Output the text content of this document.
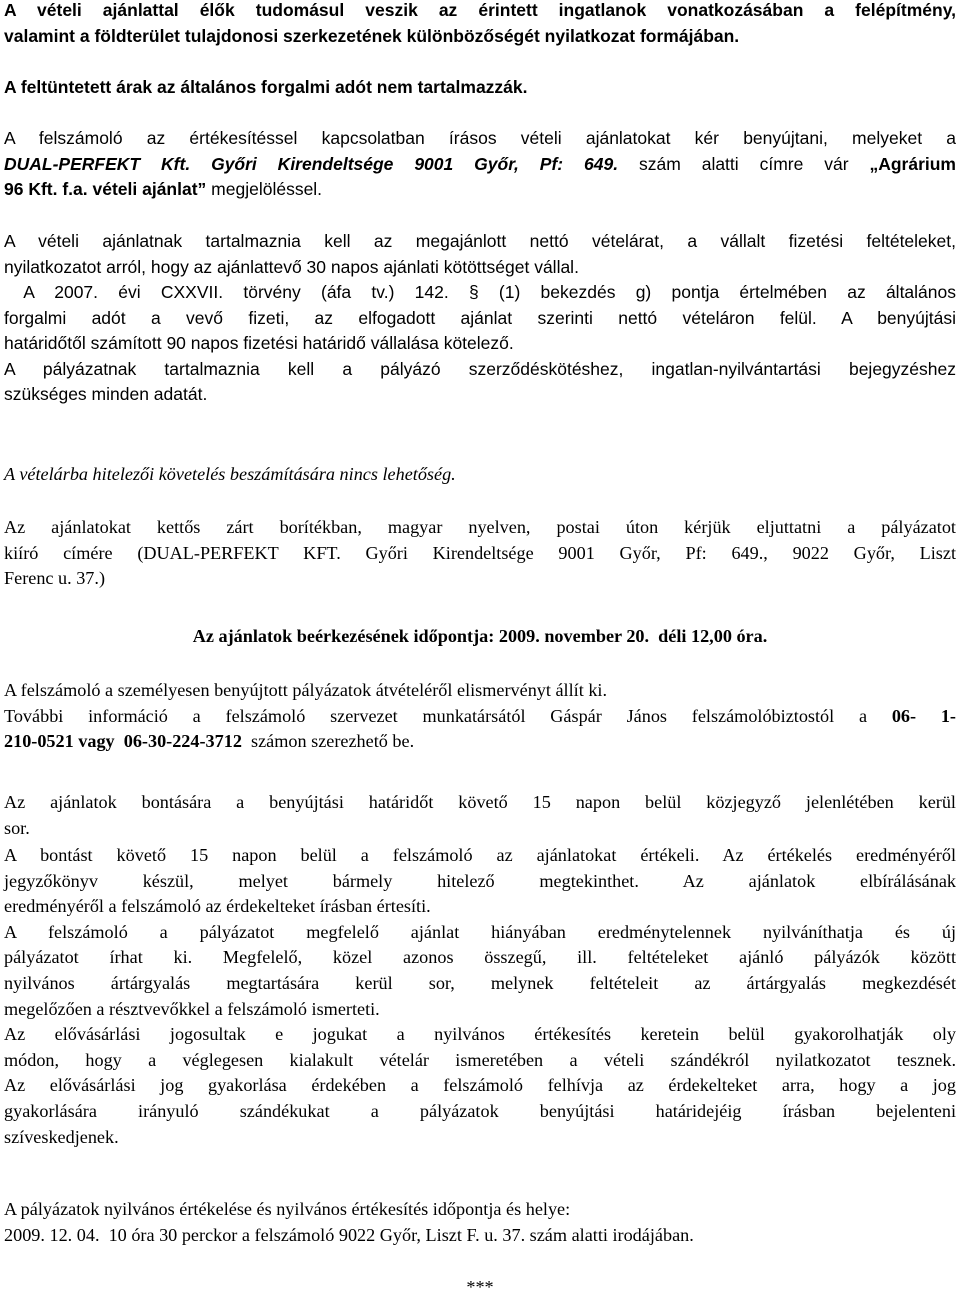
A vételi ajánlattal élők tudomásul veszik az érintett ingatlanok vonatkozásában a felépítmény,
valamint a földterület tulajdonosi szerkezetének különbözőségét nyilatkozat formájában.
A feltüntetett árak az általános forgalmi adót nem tartalmazzák.
A felszámoló az értékesítéssel kapcsolatban írásos vételi ajánlatokat kér benyújtani, melyeket a
DUAL-PERFEKT Kft. Győri Kirendeltsége 9001 Győr, Pf: 649. szám alatti címre vár „Agrárium
96 Kft. f.a. vételi ajánlat” megjelöléssel.
A vételi ajánlatnak tartalmaznia kell az megajánlott nettó vételárat, a vállalt fizetési feltételeket,
nyilatkozatot arról, hogy az ajánlattevő 30 napos ajánlati kötöttséget vállal.
A 2007. évi CXXVII. törvény (áfa tv.) 142. § (1) bekezdés g) pontja értelmében az általános
forgalmi adót a vevő fizeti, az elfogadott ajánlat szerinti nettó vételáron felül. A benyújtási
határidőtől számított 90 napos fizetési határidő vállalása kötelező.
A pályázatnak tartalmaznia kell a pályázó szerződéskötéshez, ingatlan-nyilvántartási bejegyzéshez
szükséges minden adatát.
A vételárba hitelezői követelés beszámítására nincs lehetőség.
Az ajánlatokat kettős zárt borítékban, magyar nyelven, postai úton kérjük eljuttatni a pályázatot
kiíró címére (DUAL-PERFEKT KFT. Győri Kirendeltsége 9001 Győr, Pf: 649., 9022 Győr, Liszt
Ferenc u. 37.)
Az ajánlatok beérkezésének időpontja: 2009. november 20.  déli 12,00 óra.
A felszámoló a személyesen benyújtott pályázatok átvételéről elismervényt állít ki.
További információ a felszámoló szervezet munkatársától Gáspár János felszámolóbiztostól a 06- 1-
210-0521 vagy  06-30-224-3712  számon szerezhető be.
Az ajánlatok bontására a benyújtási határidőt követő 15 napon belül közjegyző jelenlétében kerül
sor.
A bontást követő 15 napon belül a felszámoló az ajánlatokat értékeli. Az értékelés eredményéről
jegyzőkönyv készül, melyet bármely hitelező megtekinthet. Az ajánlatok elbírálásának
eredményéről a felszámoló az érdekelteket írásban értesíti.
A felszámoló a pályázatot megfelelő ajánlat hiányában eredménytelennek nyilváníthatja és új
pályázatot írhat ki. Megfelelő, közel azonos összegű, ill. feltételeket ajánló pályázók között
nyilvános ártárgyalás megtartására kerül sor, melynek feltételeit az ártárgyalás megkezdését
megelőzően a résztvevőkkel a felszámoló ismerteti.
Az elővásárlási jogosultak e jogukat a nyilvános értékesítés keretein belül gyakorolhatják oly
módon, hogy a véglegesen kialakult vételár ismeretében a vételi szándékról nyilatkozatot tesznek.
Az elővásárlási jog gyakorlása érdekében a felszámoló felhívja az érdekelteket arra, hogy a jog
gyakorlására irányuló szándékukat a pályázatok benyújtási határidejéig írásban bejelenteni
szíveskedjenek.
A pályázatok nyilvános értékelése és nyilvános értékesítés időpontja és helye:
2009. 12. 04.  10 óra 30 perckor a felszámoló 9022 Győr, Liszt F. u. 37. szám alatti irodájában.
***
